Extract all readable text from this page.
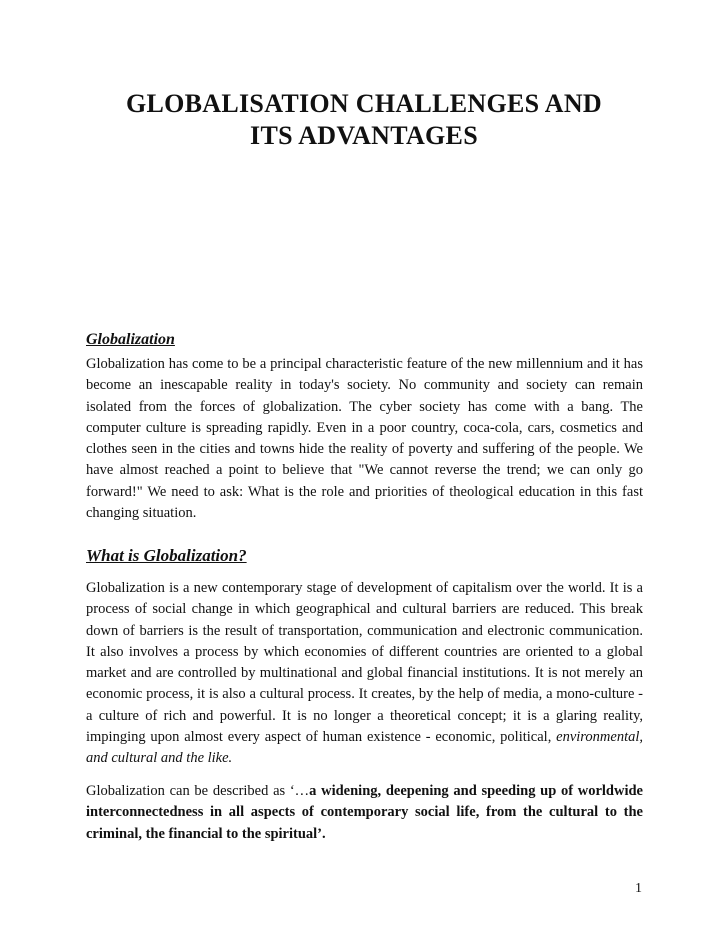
GLOBALISATION CHALLENGES AND
ITS ADVANTAGES
Globalization

Globalization has come to be a principal characteristic feature of the new millennium and it has become an inescapable reality in today's society. No community and society can remain isolated from the forces of globalization. The cyber society has come with a bang. The computer culture is spreading rapidly. Even in a poor country, coca-cola, cars, cosmetics and clothes seen in the cities and towns hide the reality of poverty and suffering of the people. We have almost reached a point to believe that "We cannot reverse the trend; we can only go forward!" We need to ask: What is the role and priorities of theological education in this fast changing situation.

What is Globalization?

Globalization is a new contemporary stage of development of capitalism over the world. It is a process of social change in which geographical and cultural barriers are reduced. This break down of barriers is the result of transportation, communication and electronic communication. It also involves a process by which economies of different countries are oriented to a global market and are controlled by multinational and global financial institutions. It is not merely an economic process, it is also a cultural process. It creates, by the help of media, a mono-culture - a culture of rich and powerful. It is no longer a theoretical concept; it is a glaring reality, impinging upon almost every aspect of human existence - economic, political, environmental, and cultural and the like.

Globalization can be described as ‘…a widening, deepening and speeding up of worldwide interconnectedness in all aspects of contemporary social life, from the cultural to the criminal, the financial to the spiritual’.

1
